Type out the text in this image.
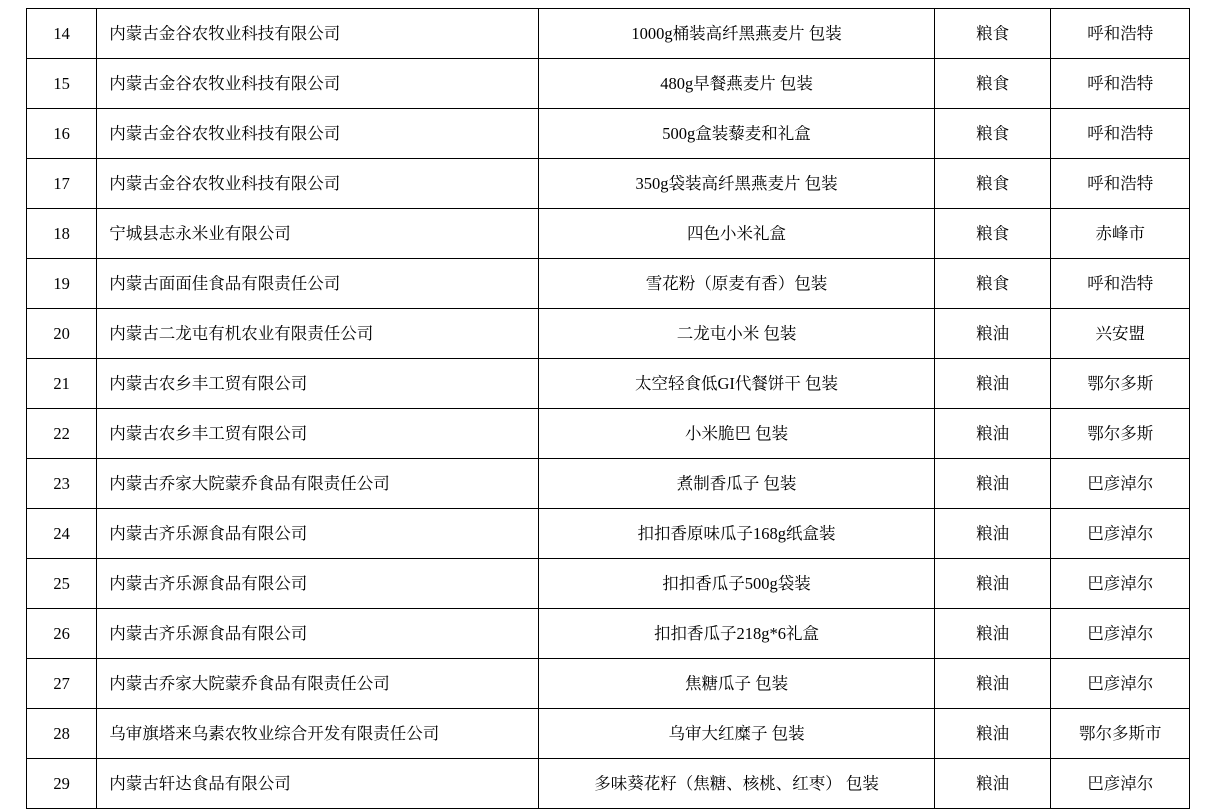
14	内蒙古金谷农牧业科技有限公司	1000g桶装高纤黑燕麦片 包装	粮食	呼和浩特
15	内蒙古金谷农牧业科技有限公司	480g早餐燕麦片 包装	粮食	呼和浩特
16	内蒙古金谷农牧业科技有限公司	500g盒装藜麦和礼盒	粮食	呼和浩特
17	内蒙古金谷农牧业科技有限公司	350g袋装高纤黑燕麦片 包装	粮食	呼和浩特
18	宁城县志永米业有限公司	四色小米礼盒	粮食	赤峰市
19	内蒙古面面佳食品有限责任公司	雪花粉（原麦有香）包装	粮食	呼和浩特
20	内蒙古二龙屯有机农业有限责任公司	二龙屯小米 包装	粮油	兴安盟
21	内蒙古农乡丰工贸有限公司	太空轻食低GI代餐饼干 包装	粮油	鄂尔多斯
22	内蒙古农乡丰工贸有限公司	小米脆巴 包装	粮油	鄂尔多斯
23	内蒙古乔家大院蒙乔食品有限责任公司	煮制香瓜子 包装	粮油	巴彦淖尔
24	内蒙古齐乐源食品有限公司	扣扣香原味瓜子168g纸盒装	粮油	巴彦淖尔
25	内蒙古齐乐源食品有限公司	扣扣香瓜子500g袋装	粮油	巴彦淖尔
26	内蒙古齐乐源食品有限公司	扣扣香瓜子218g*6礼盒	粮油	巴彦淖尔
27	内蒙古乔家大院蒙乔食品有限责任公司	焦糖瓜子 包装	粮油	巴彦淖尔
28	乌审旗塔来乌素农牧业综合开发有限责任公司	乌审大红糜子 包装	粮油	鄂尔多斯市
29	内蒙古轩达食品有限公司	多味葵花籽（焦糖、核桃、红枣） 包装	粮油	巴彦淖尔
